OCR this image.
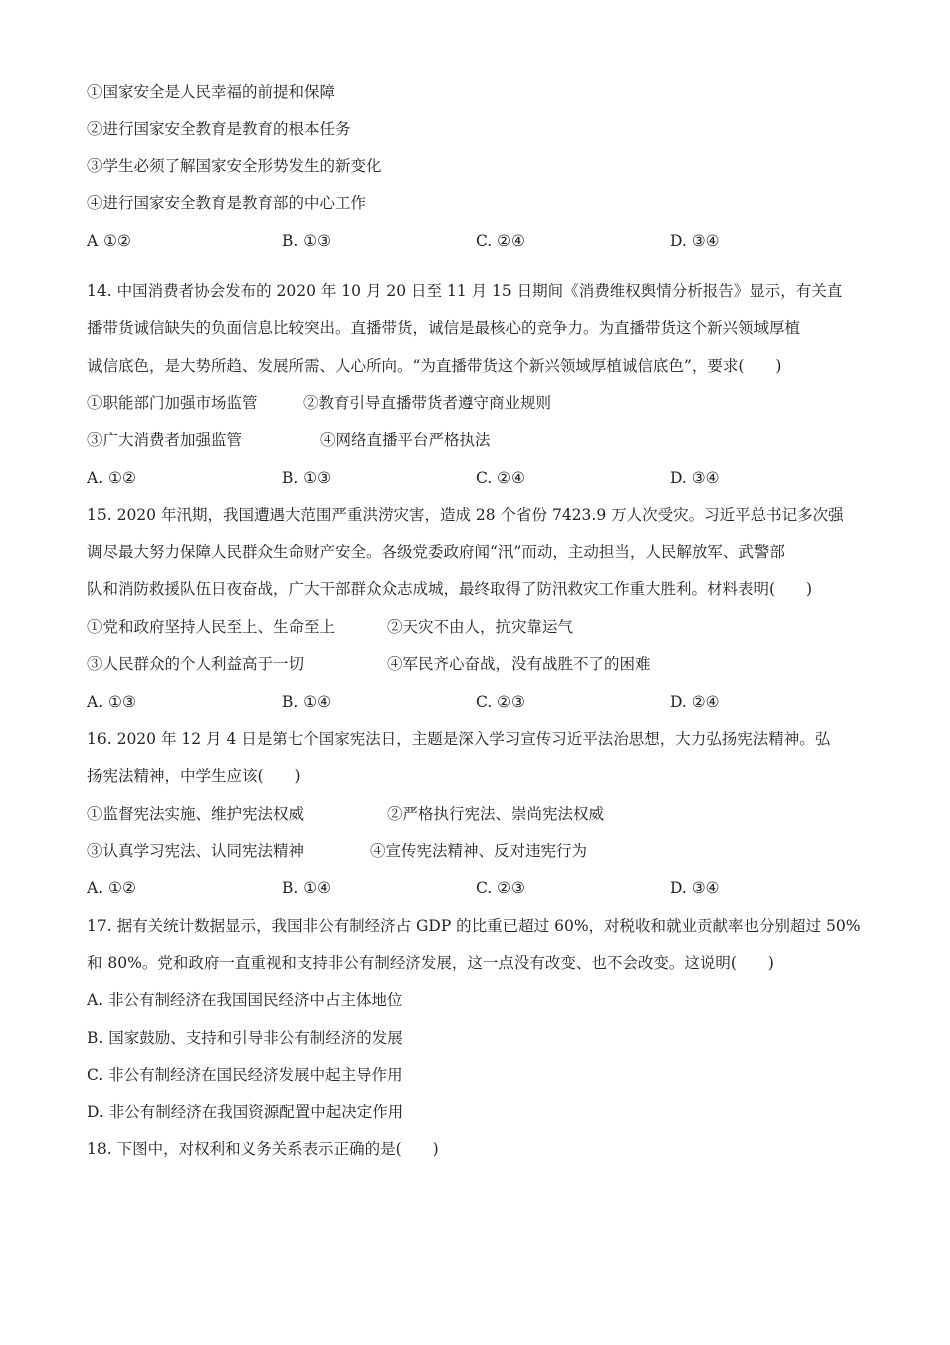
①国家安全是人民幸福的前提和保障
②进行国家安全教育是教育的根本任务
③学生必须了解国家安全形势发生的新变化
④进行国家安全教育是教育部的中心工作
A ①②	B. ①③	C. ②④	D. ③④
14. 中国消费者协会发布的 2020 年 10 月 20 日至 11 月 15 日期间《消费维权舆情分析报告》显示，有关直
播带货诚信缺失的负面信息比较突出。直播带货，诚信是最核心的竞争力。为直播带货这个新兴领域厚植
诚信底色，是大势所趋、发展所需、人心所向。“为直播带货这个新兴领域厚植诚信底色”，要求(　　)
①职能部门加强市场监管	②教育引导直播带货者遵守商业规则
③广大消费者加强监管	④网络直播平台严格执法
A. ①②	B. ①③	C. ②④	D. ③④
15. 2020 年汛期，我国遭遇大范围严重洪涝灾害，造成 28 个省份 7423.9 万人次受灾。习近平总书记多次强
调尽最大努力保障人民群众生命财产安全。各级党委政府闻“汛”而动，主动担当，人民解放军、武警部
队和消防救援队伍日夜奋战，广大干部群众众志成城，最终取得了防汛救灾工作重大胜利。材料表明(　　)
①党和政府坚持人民至上、生命至上	②天灾不由人，抗灾靠运气
③人民群众的个人利益高于一切	④军民齐心奋战，没有战胜不了的困难
A. ①③	B. ①④	C. ②③	D. ②④
16. 2020 年 12 月 4 日是第七个国家宪法日，主题是深入学习宣传习近平法治思想，大力弘扬宪法精神。弘
扬宪法精神，中学生应该(　　)
①监督宪法实施、维护宪法权威	②严格执行宪法、崇尚宪法权威
③认真学习宪法、认同宪法精神	④宣传宪法精神、反对违宪行为
A. ①②	B. ①④	C. ②③	D. ③④
17. 据有关统计数据显示，我国非公有制经济占 GDP 的比重已超过 60%，对税收和就业贡献率也分别超过 50%
和 80%。党和政府一直重视和支持非公有制经济发展，这一点没有改变、也不会改变。这说明(　　)
A. 非公有制经济在我国国民经济中占主体地位
B. 国家鼓励、支持和引导非公有制经济的发展
C. 非公有制经济在国民经济发展中起主导作用
D. 非公有制经济在我国资源配置中起决定作用
18. 下图中，对权利和义务关系表示正确的是(　　)
